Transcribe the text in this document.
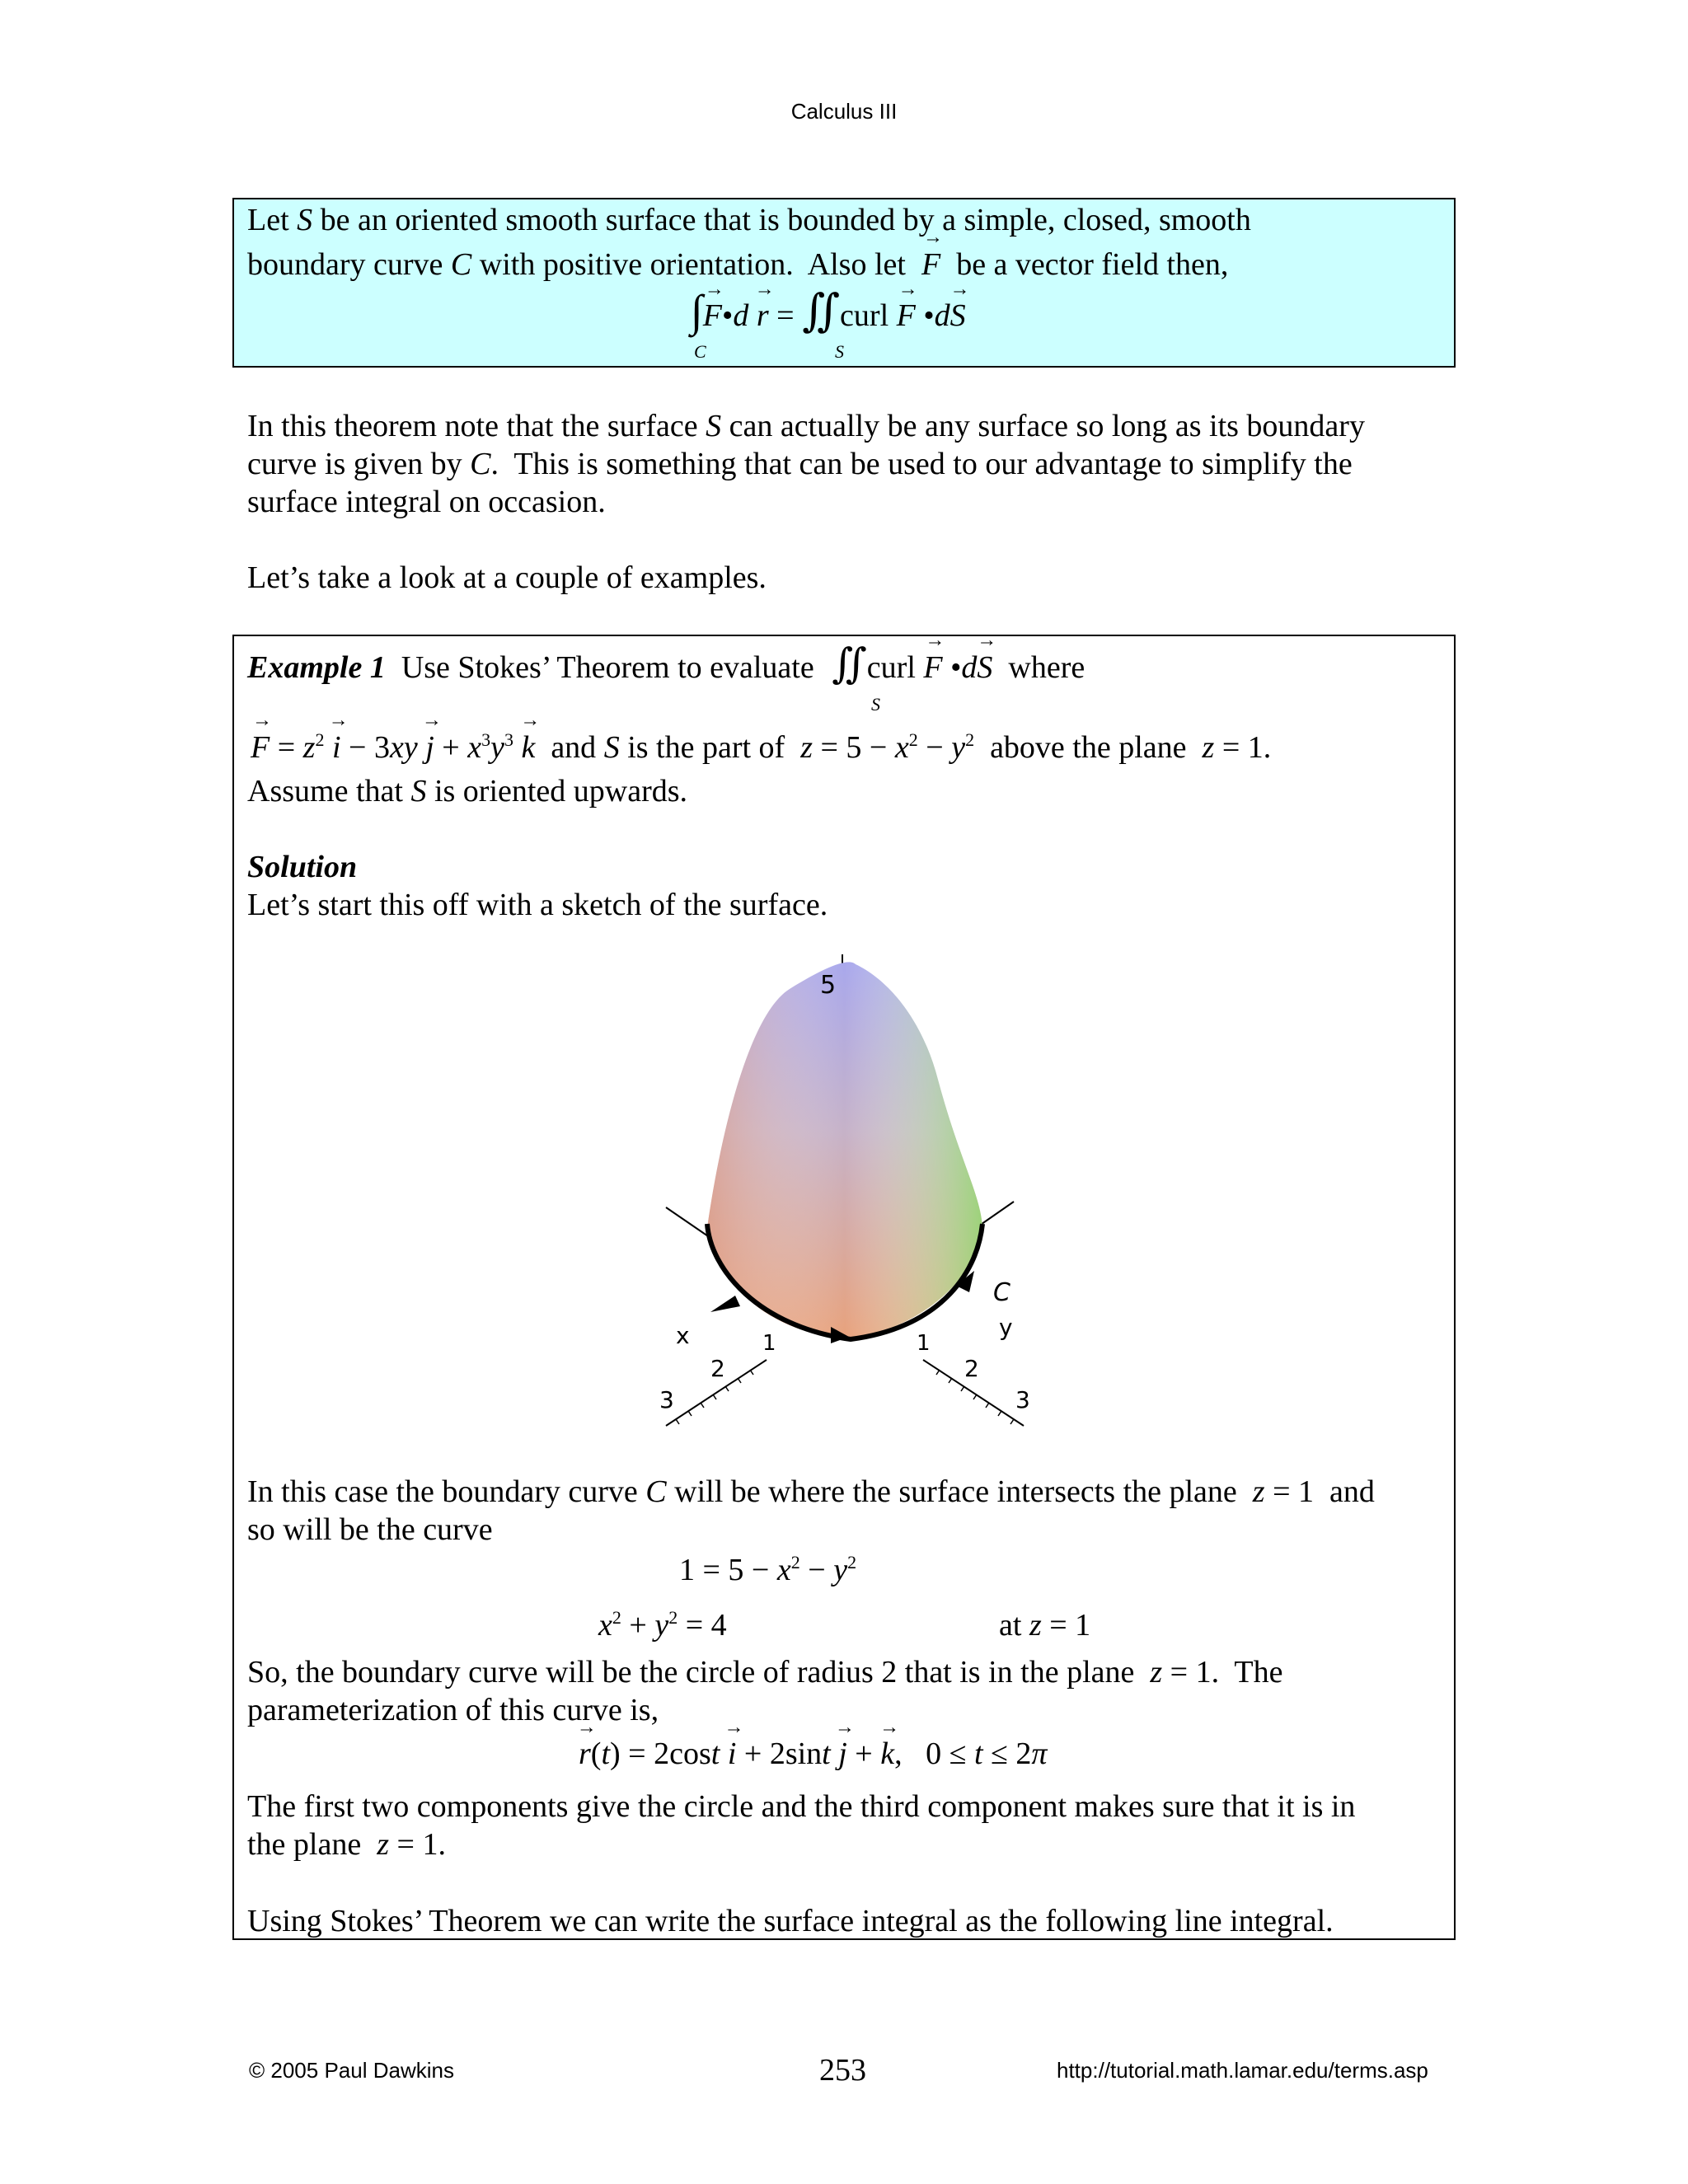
Calculus III
Let S be an oriented smooth surface that is bounded by a simple, closed, smooth
boundary curve C with positive orientation.  Also let  → F  be a vector field then,
∫→ F•d → r = ∬curl → F •d→ S
C	S
In this theorem note that the surface S can actually be any surface so long as its boundary
curve is given by C.  This is something that can be used to our advantage to simplify the
surface integral on occasion.
Let’s take a look at a couple of examples.
Example 1 Use Stokes’ Theorem to evaluate ∬curl → F •d→ S where
S
→ $F = z^2 \to i - 3xy \to j + x^3y^3 \to k$  and S is the part of  $z = 5 - x^2 - y^2$  above the plane  z = 1.
Assume that S is oriented upwards.
Solution
Let’s start this off with a sketch of the surface.
5
x	y
C
1
2
3
1
2
3
In this case the boundary curve C will be where the surface intersects the plane  z = 1  and
so will be the curve
$1 = 5 - x^2 - y^2$
$x^2 + y^2 = 4$	at z = 1
So, the boundary curve will be the circle of radius 2 that is in the plane  z = 1.  The
parameterization of this curve is,
→ r(t) = 2cost → i + 2sint → j + → k,   0 ≤ t ≤ 2π
The first two components give the circle and the third component makes sure that it is in
the plane  z = 1.
Using Stokes’ Theorem we can write the surface integral as the following line integral.
© 2005 Paul Dawkins	253	http://tutorial.math.lamar.edu/terms.asp
